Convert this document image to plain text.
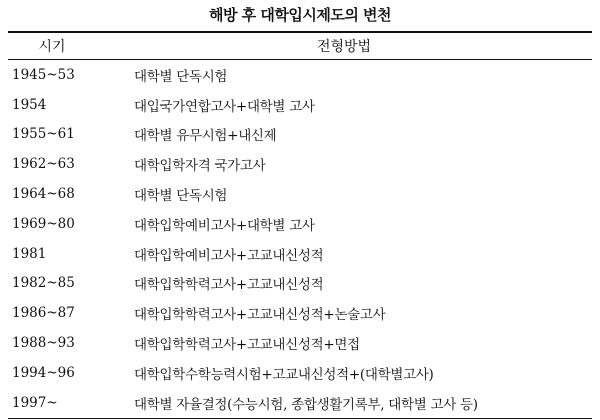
해방 후 대학입시제도의 변천
시기	전형방법
1945~53	대학별 단독시험
1954	대입국가연합고사+대학별 고사
1955~61	대학별 유무시험+내신제
1962~63	대학입학자격 국가고사
1964~68	대학별 단독시험
1969~80	대학입학예비고사+대학별 고사
1981	대학입학예비고사+고교내신성적
1982~85	대학입학학력고사+고교내신성적
1986~87	대학입학학력고사+고교내신성적+논술고사
1988~93	대학입학학력고사+고교내신성적+면접
1994~96	대학입학수학능력시험+고교내신성적+(대학별고사)
1997~	대학별 자율결정(수능시험, 종합생활기록부, 대학별 고사 등)
